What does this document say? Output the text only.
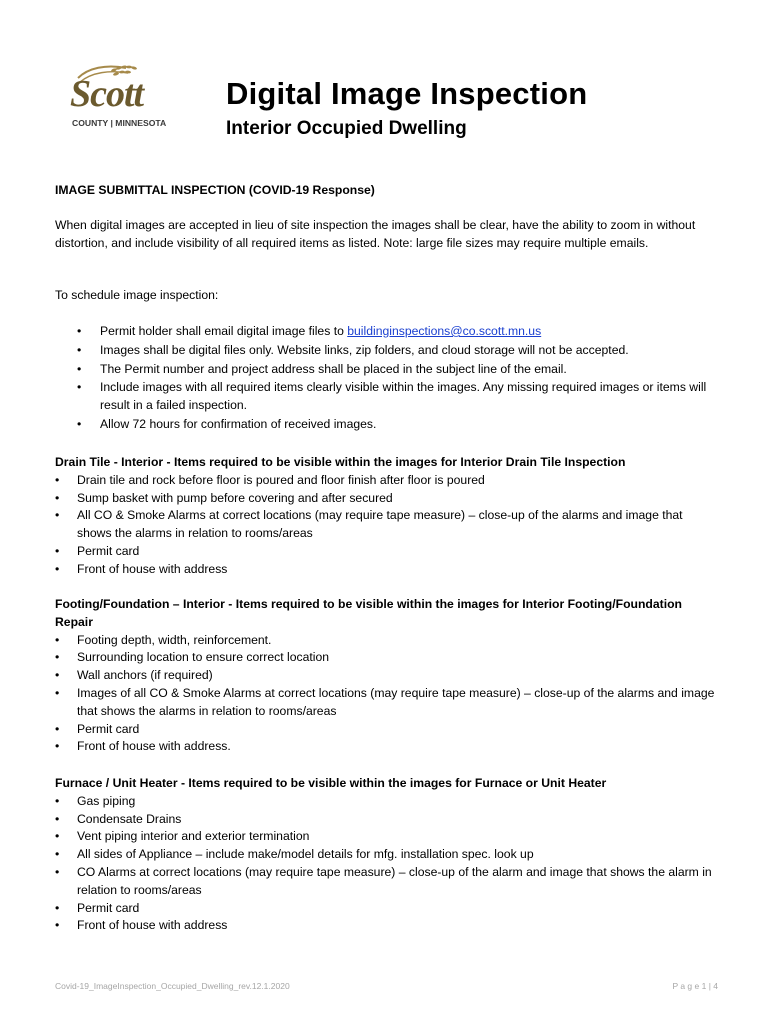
Scott
COUNTY | MINNESOTA
Digital Image Inspection
Interior Occupied Dwelling
IMAGE SUBMITTAL INSPECTION (COVID-19 Response)
When digital images are accepted in lieu of site inspection the images shall be clear, have the ability to zoom in without distortion, and include visibility of all required items as listed. Note: large file sizes may require multiple emails.
To schedule image inspection:
• Permit holder shall email digital image files to buildinginspections@co.scott.mn.us
• Images shall be digital files only. Website links, zip folders, and cloud storage will not be accepted.
• The Permit number and project address shall be placed in the subject line of the email.
• Include images with all required items clearly visible within the images. Any missing required images or items will result in a failed inspection.
• Allow 72 hours for confirmation of received images.
Drain Tile - Interior - Items required to be visible within the images for Interior Drain Tile Inspection
• Drain tile and rock before floor is poured and floor finish after floor is poured
• Sump basket with pump before covering and after secured
• All CO & Smoke Alarms at correct locations (may require tape measure) – close-up of the alarms and image that shows the alarms in relation to rooms/areas
• Permit card
• Front of house with address
Footing/Foundation – Interior - Items required to be visible within the images for Interior Footing/Foundation Repair
• Footing depth, width, reinforcement.
• Surrounding location to ensure correct location
• Wall anchors (if required)
• Images of all CO & Smoke Alarms at correct locations (may require tape measure) – close-up of the alarms and image that shows the alarms in relation to rooms/areas
• Permit card
• Front of house with address.
Furnace / Unit Heater - Items required to be visible within the images for Furnace or Unit Heater
• Gas piping
• Condensate Drains
• Vent piping interior and exterior termination
• All sides of Appliance – include make/model details for mfg. installation spec. look up
• CO Alarms at correct locations (may require tape measure) – close-up of the alarm and image that shows the alarm in relation to rooms/areas
• Permit card
• Front of house with address
Covid-19_ImageInspection_Occupied_Dwelling_rev.12.1.2020	P a g e 1 | 4
